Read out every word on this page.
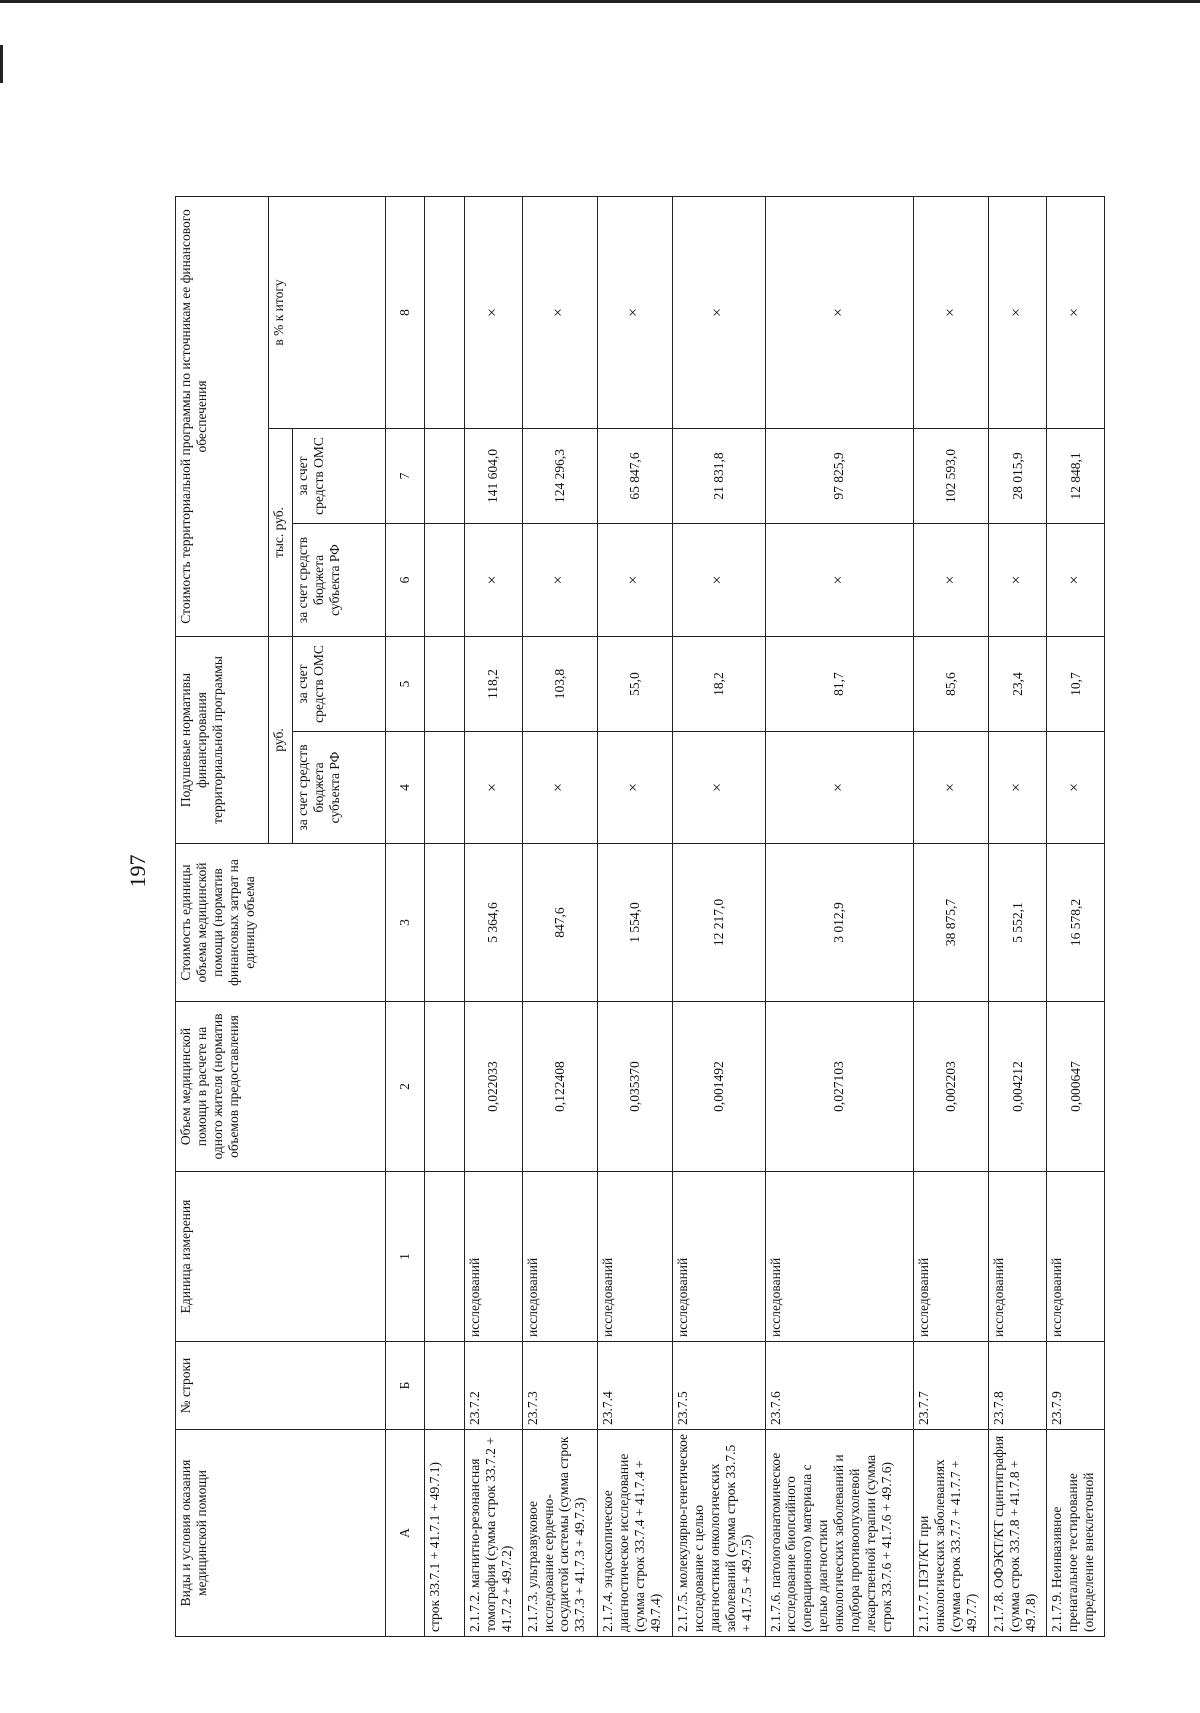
197
Виды и условия оказания медицинской помощи	№ строки	Единица измерения	Объем медицинской помощи в расчете на одного жителя (норматив объемов предоставления	Стоимость единицы объема медицинской помощи (норматив финансовых затрат на единицу объема	Подушевые нормативы финансирования территориальной программы		Стоимость территориальной программы по источникам ее финансового обеспечения		
					руб.		тыс. руб.		в % к итогу
					за счет средств бюджета субъекта РФ	за счет средств ОМС	за счет средств бюджета субъекта РФ	за счет средств ОМС	
А	Б	1	2	3	4	5	6	7	8
строк 33.7.1 + 41.7.1 + 49.7.1)									
2.1.7.2. магнитно-резонансная томография (сумма строк 33.7.2 + 41.7.2 + 49.7.2)	23.7.2	исследований	0,022033	5 364,6	×	118,2	×	141 604,0	×
2.1.7.3. ультразвуковое исследование сердечно-сосудистой системы (сумма строк 33.7.3 + 41.7.3 + 49.7.3)	23.7.3	исследований	0,122408	847,6	×	103,8	×	124 296,3	×
2.1.7.4. эндоскопическое диагностическое исследование (сумма строк 33.7.4 + 41.7.4 + 49.7.4)	23.7.4	исследований	0,035370	1 554,0	×	55,0	×	65 847,6	×
2.1.7.5. молекулярно-генетическое исследование с целью диагностики онкологических заболеваний (сумма строк 33.7.5 + 41.7.5 + 49.7.5)	23.7.5	исследований	0,001492	12 217,0	×	18,2	×	21 831,8	×
2.1.7.6. патологоанатомическое исследование биопсийного (операционного) материала с целью диагностики онкологических заболеваний и подбора противоопухолевой лекарственной терапии (сумма строк 33.7.6 + 41.7.6 + 49.7.6)	23.7.6	исследований	0,027103	3 012,9	×	81,7	×	97 825,9	×
2.1.7.7. ПЭТ/КТ при онкологических заболеваниях (сумма строк 33.7.7 + 41.7.7 + 49.7.7)	23.7.7	исследований	0,002203	38 875,7	×	85,6	×	102 593,0	×
2.1.7.8. ОФЭКТ/КТ сцинтиграфия (сумма строк 33.7.8 + 41.7.8 + 49.7.8)	23.7.8	исследований	0,004212	5 552,1	×	23,4	×	28 015,9	×
2.1.7.9. Неинвазивное пренатальное тестирование (определение внеклеточной	23.7.9	исследований	0,000647	16 578,2	×	10,7	×	12 848,1	×
